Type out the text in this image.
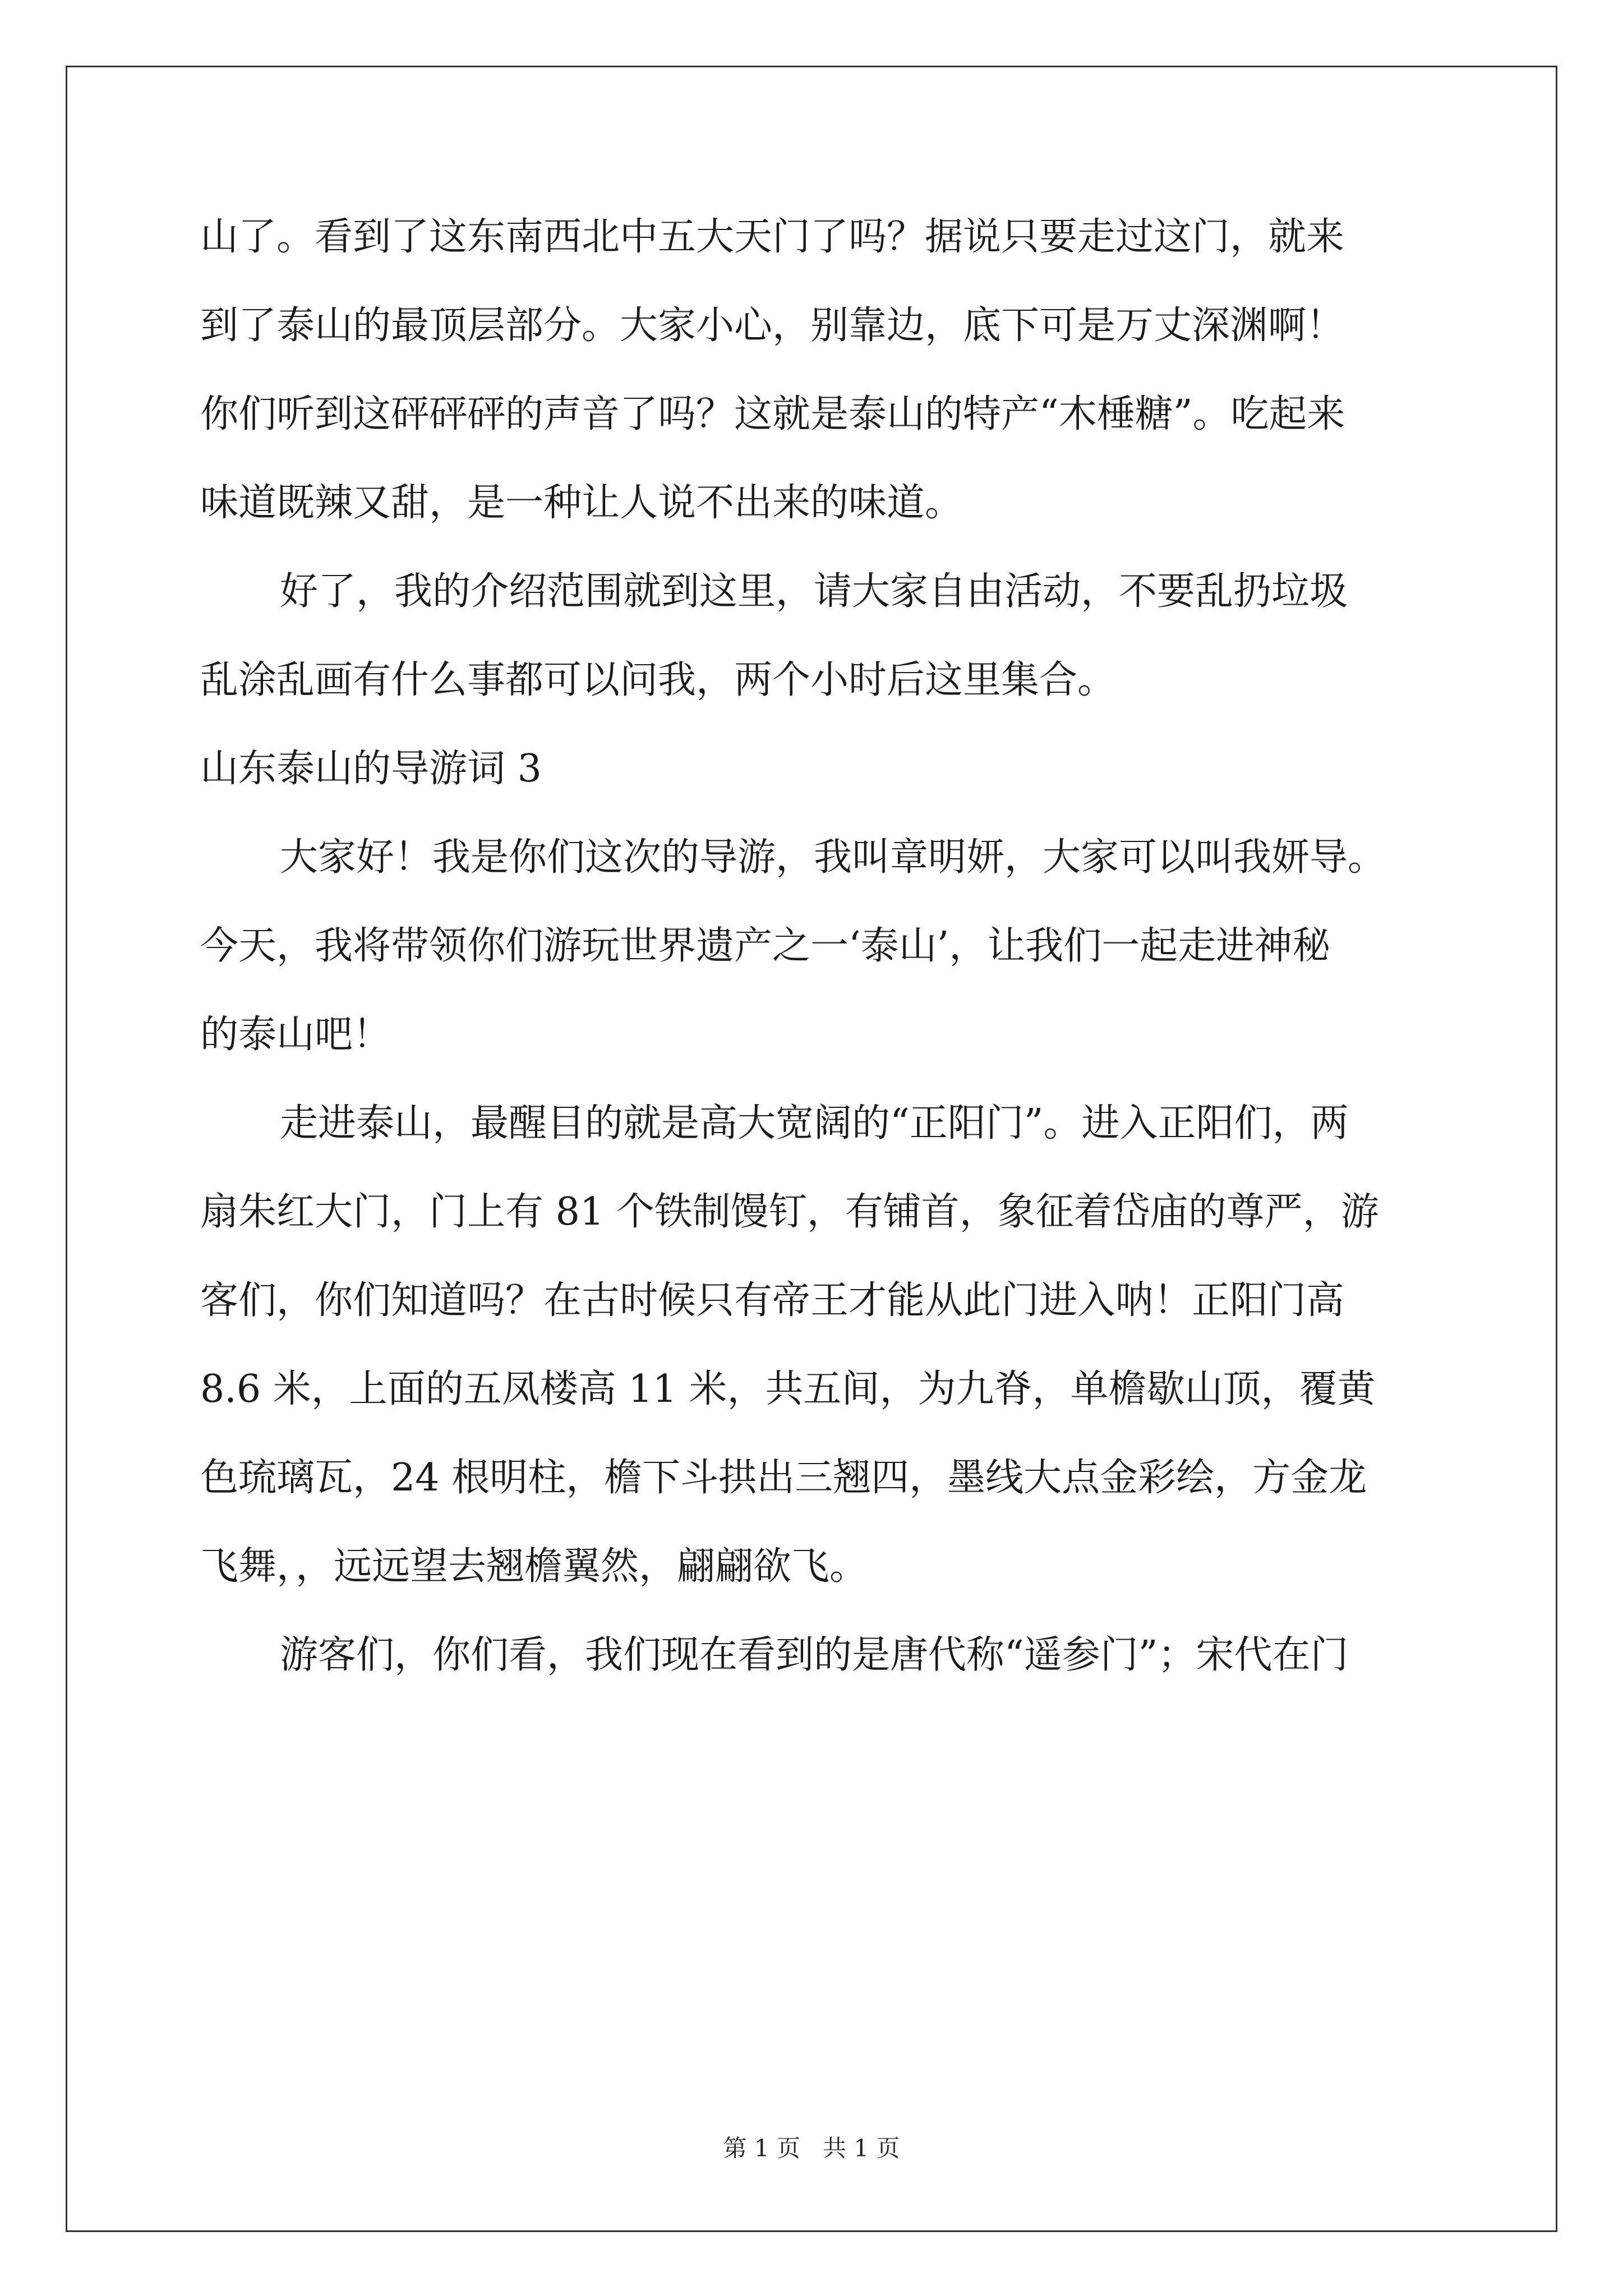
山了。看到了这东南西北中五大天门了吗？据说只要走过这门，就来
到了泰山的最顶层部分。大家小心，别靠边，底下可是万丈深渊啊！
你们听到这砰砰砰的声音了吗？这就是泰山的特产“木棰糖”。吃起来
味道既辣又甜，是一种让人说不出来的味道。
好了，我的介绍范围就到这里，请大家自由活动，不要乱扔垃圾
乱涂乱画有什么事都可以问我，两个小时后这里集合。
山东泰山的导游词 3
大家好！我是你们这次的导游，我叫章明妍，大家可以叫我妍导。
今天，我将带领你们游玩世界遗产之一‘泰山’，让我们一起走进神秘
的泰山吧！
走进泰山，最醒目的就是高大宽阔的“正阳门”。进入正阳们，两
扇朱红大门，门上有 81 个铁制馒钉，有铺首，象征着岱庙的尊严，游
客们，你们知道吗？在古时候只有帝王才能从此门进入呐！正阳门高
8.6 米，上面的五凤楼高 11 米，共五间，为九脊，单檐歇山顶，覆黄
色琉璃瓦，24 根明柱，檐下斗拱出三翘四，墨线大点金彩绘，方金龙
飞舞，，远远望去翘檐翼然，翩翩欲飞。
游客们，你们看，我们现在看到的是唐代称“遥参门”；宋代在门
第 1 页 共 1 页
